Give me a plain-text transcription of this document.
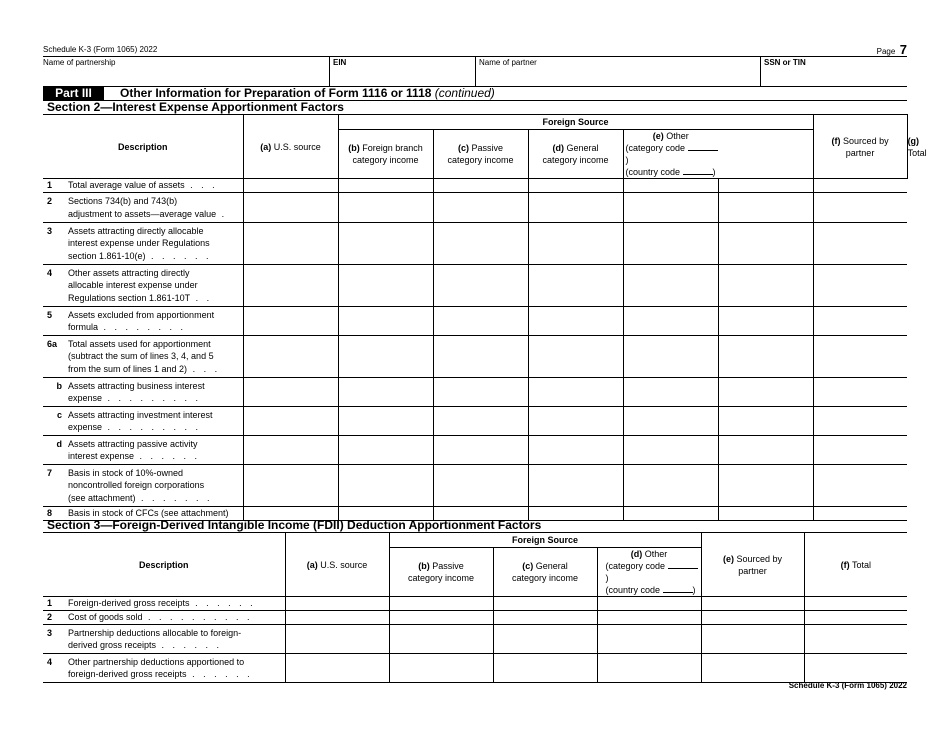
Schedule K-3 (Form 1065) 2022	Page 7
Name of partnership	EIN	Name of partner	SSN or TIN
Part III	Other Information for Preparation of Form 1116 or 1118 (continued)
Section 2—Interest Expense Apportionment Factors
Description	(a) U.S. source	Foreign Source					(f) Sourced by partner	(g) Total

		(b) Foreign branch category income	(c) Passive category income	(d) General category income	(e) Other
(category code )
(country code )			

1 Total average value of assets . . .								

2 Sections 734(b) and 743(b)
adjustment to assets—average value .								

3 Assets attracting directly allocable
interest expense under Regulations
section 1.861-10(e) . . . . . .								

4 Other assets attracting directly
allocable interest expense under
Regulations section 1.861-10T . .								

5 Assets excluded from apportionment
formula . . . . . . . .								

6a Total assets used for apportionment
(subtract the sum of lines 3, 4, and 5
from the sum of lines 1 and 2) . . .								

b Assets attracting business interest
expense . . . . . . . . .								

c Assets attracting investment interest
expense . . . . . . . . .								

d Assets attracting passive activity
interest expense . . . . . .								

7 Basis in stock of 10%-owned
noncontrolled foreign corporations
(see attachment) . . . . . . .								

8 Basis in stock of CFCs (see attachment)								

Section 3—Foreign-Derived Intangible Income (FDII) Deduction Apportionment Factors
Description	(a) U.S. source	Foreign Source			(e) Sourced by partner	(f) Total

		(b) Passive category income	(c) General category income	(d) Other
(category code )
(country code )		

1 Foreign-derived gross receipts . . . . . .						

2 Cost of goods sold . . . . . . . . . .						

3 Partnership deductions allocable to foreign-
derived gross receipts . . . . . .						

4 Other partnership deductions apportioned to
foreign-derived gross receipts . . . . . .						

Schedule K-3 (Form 1065) 2022
